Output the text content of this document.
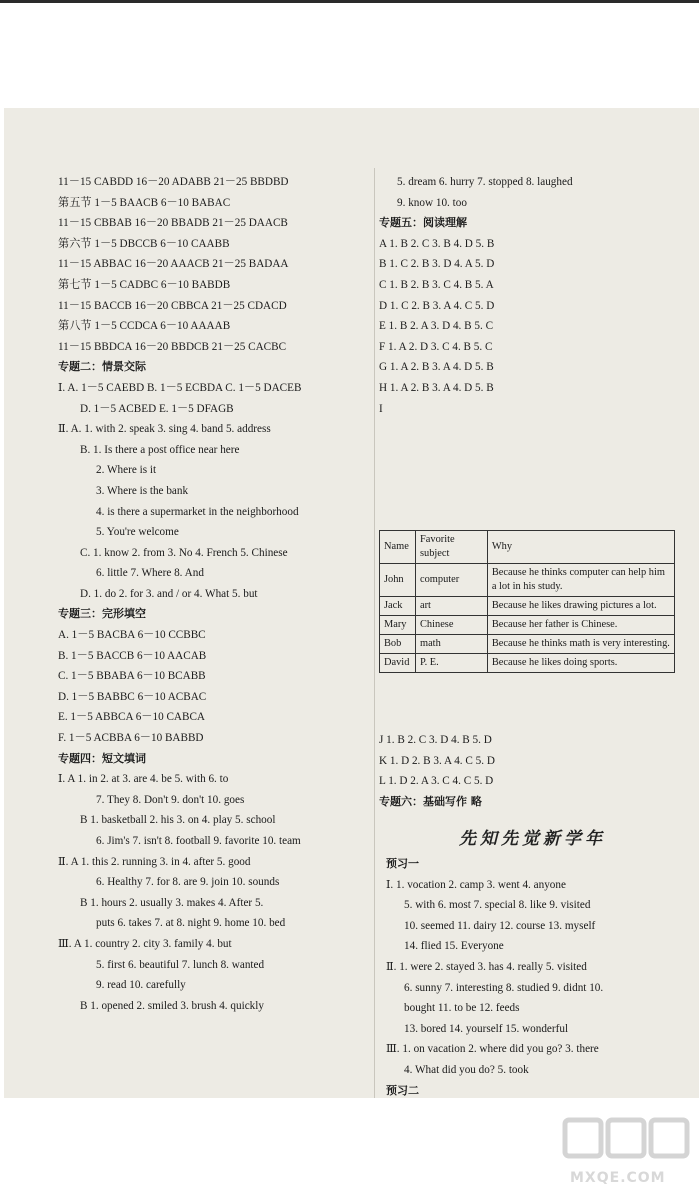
11－15 CABDD 16－20 ADABB 21－25 BBDBD
第五节 1－5 BAACB 6－10 BABAC
11－15 CBBAB 16－20 BBADB 21－25 DAACB
第六节 1－5 DBCCB 6－10 CAABB
11－15 ABBAC 16－20 AAACB 21－25 BADAA
第七节 1－5 CADBC 6－10 BABDB
11－15 BACCB 16－20 CBBCA 21－25 CDACD
第八节 1－5 CCDCA 6－10 AAAAB
11－15 BBDCA 16－20 BBDCB 21－25 CACBC
专题二：情景交际
Ⅰ. A. 1－5 CAEBD B. 1－5 ECBDA C. 1－5 DACEB
D. 1－5 ACBED E. 1－5 DFAGB
Ⅱ. A. 1. with 2. speak 3. sing 4. band 5. address
B. 1. Is there a post office near here
2. Where is it
3. Where is the bank
4. is there a supermarket in the neighborhood
5. You're welcome
C. 1. know 2. from 3. No 4. French 5. Chinese
6. little 7. Where 8. And
D. 1. do 2. for 3. and / or 4. What 5. but
专题三：完形填空
A. 1－5 BACBA 6－10 CCBBC
B. 1－5 BACCB 6－10 AACAB
C. 1－5 BBABA 6－10 BCABB
D. 1－5 BABBC 6－10 ACBAC
E. 1－5 ABBCA 6－10 CABCA
F. 1－5 ACBBA 6－10 BABBD
专题四：短文填词
Ⅰ. A 1. in 2. at 3. are 4. be 5. with 6. to
7. They 8. Don't 9. don't 10. goes
B 1. basketball 2. his 3. on 4. play 5. school
6. Jim's 7. isn't 8. football 9. favorite 10. team
Ⅱ. A 1. this 2. running 3. in 4. after 5. good
6. Healthy 7. for 8. are 9. join 10. sounds
B 1. hours 2. usually 3. makes 4. After 5.
puts 6. takes 7. at 8. night 9. home 10. bed
Ⅲ. A 1. country 2. city 3. family 4. but
5. first 6. beautiful 7. lunch 8. wanted
9. read 10. carefully
B 1. opened 2. smiled 3. brush 4. quickly
5. dream 6. hurry 7. stopped 8. laughed
9. know 10. too
专题五：阅读理解
A 1. B 2. C 3. B 4. D 5. B
B 1. C 2. B 3. D 4. A 5. D
C 1. B 2. B 3. C 4. B 5. A
D 1. C 2. B 3. A 4. C 5. D
E 1. B 2. A 3. D 4. B 5. C
F 1. A 2. D 3. C 4. B 5. C
G 1. A 2. B 3. A 4. D 5. B
H 1. A 2. B 3. A 4. D 5. B
I
Name	Favorite subject	Why
John	computer	Because he thinks computer can help him a lot in his study.
Jack	art	Because he likes drawing pictures a lot.
Mary	Chinese	Because her father is Chinese.
Bob	math	Because he thinks math is very interesting.
David	P. E.	Because he likes doing sports.
J 1. B 2. C 3. D 4. B 5. D
K 1. D 2. B 3. A 4. C 5. D
L 1. D 2. A 3. C 4. C 5. D
专题六：基础写作 略
先知先觉新学年
预习一
Ⅰ. 1. vocation 2. camp 3. went 4. anyone
5. with 6. most 7. special 8. like 9. visited
10. seemed 11. dairy 12. course 13. myself
14. flied 15. Everyone
Ⅱ. 1. were 2. stayed 3. has 4. really 5. visited
6. sunny 7. interesting 8. studied 9. didnt 10.
bought 11. to be 12. feeds
13. bored 14. yourself 15. wonderful
Ⅲ. 1. on vacation 2. where did you go? 3. there
4. What did you do? 5. took
预习二
MXQE.COM
